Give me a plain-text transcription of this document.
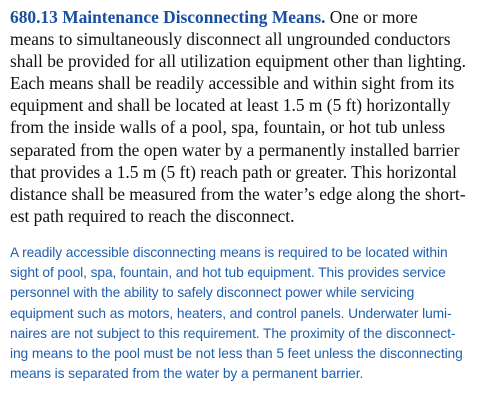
680.13 Maintenance Disconnecting Means. One or more
means to simultaneously disconnect all ungrounded conductors
shall be provided for all utilization equipment other than lighting.
Each means shall be readily accessible and within sight from its
equipment and shall be located at least 1.5 m (5 ft) horizontally
from the inside walls of a pool, spa, fountain, or hot tub unless
separated from the open water by a permanently installed barrier
that provides a 1.5 m (5 ft) reach path or greater. This horizontal
distance shall be measured from the water’s edge along the short-
est path required to reach the disconnect.

A readily accessible disconnecting means is required to be located within
sight of pool, spa, fountain, and hot tub equipment. This provides service
personnel with the ability to safely disconnect power while servicing
equipment such as motors, heaters, and control panels. Underwater lumi-
naires are not subject to this requirement. The proximity of the disconnect-
ing means to the pool must be not less than 5 feet unless the disconnecting
means is separated from the water by a permanent barrier.
